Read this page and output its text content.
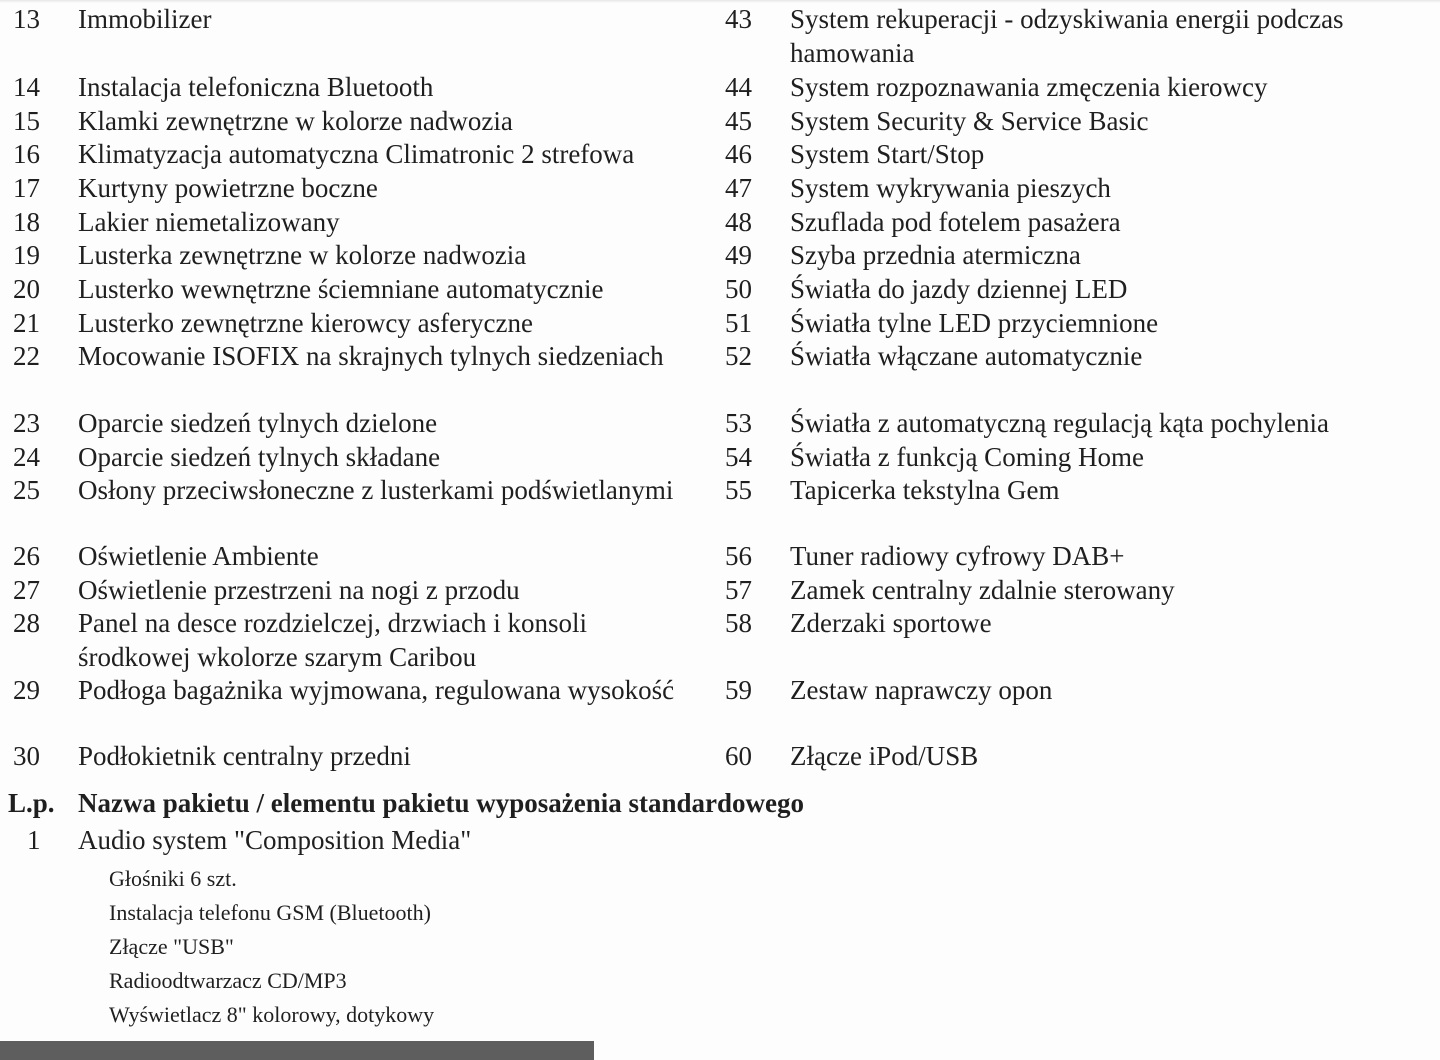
13 Immobilizer
14 Instalacja telefoniczna Bluetooth
15 Klamki zewnętrzne w kolorze nadwozia
16 Klimatyzacja automatyczna Climatronic 2 strefowa
17 Kurtyny powietrzne boczne
18 Lakier niemetalizowany
19 Lusterka zewnętrzne w kolorze nadwozia
20 Lusterko wewnętrzne ściemniane automatycznie
21 Lusterko zewnętrzne kierowcy asferyczne
22 Mocowanie ISOFIX na skrajnych tylnych siedzeniach
23 Oparcie siedzeń tylnych dzielone
24 Oparcie siedzeń tylnych składane
25 Osłony przeciwsłoneczne z lusterkami podświetlanymi
26 Oświetlenie Ambiente
27 Oświetlenie przestrzeni na nogi z przodu
28 Panel na desce rozdzielczej, drzwiach i konsoli środkowej wkolorze szarym Caribou
29 Podłoga bagażnika wyjmowana, regulowana wysokość
30 Podłokietnik centralny przedni
43 System rekuperacji - odzyskiwania energii podczas hamowania
44 System rozpoznawania zmęczenia kierowcy
45 System Security & Service Basic
46 System Start/Stop
47 System wykrywania pieszych
48 Szuflada pod fotelem pasażera
49 Szyba przednia atermiczna
50 Światła do jazdy dziennej LED
51 Światła tylne LED przyciemnione
52 Światła włączane automatycznie
53 Światła z automatyczną regulacją kąta pochylenia
54 Światła z funkcją Coming Home
55 Tapicerka tekstylna Gem
56 Tuner radiowy cyfrowy DAB+
57 Zamek centralny zdalnie sterowany
58 Zderzaki sportowe
59 Zestaw naprawczy opon
60 Złącze iPod/USB
L.p. Nazwa pakietu / elementu pakietu wyposażenia standardowego
1 Audio system "Composition Media"
Głośniki 6 szt.
Instalacja telefonu GSM (Bluetooth)
Złącze "USB"
Radioodtwarzacz CD/MP3
Wyświetlacz 8" kolorowy, dotykowy
